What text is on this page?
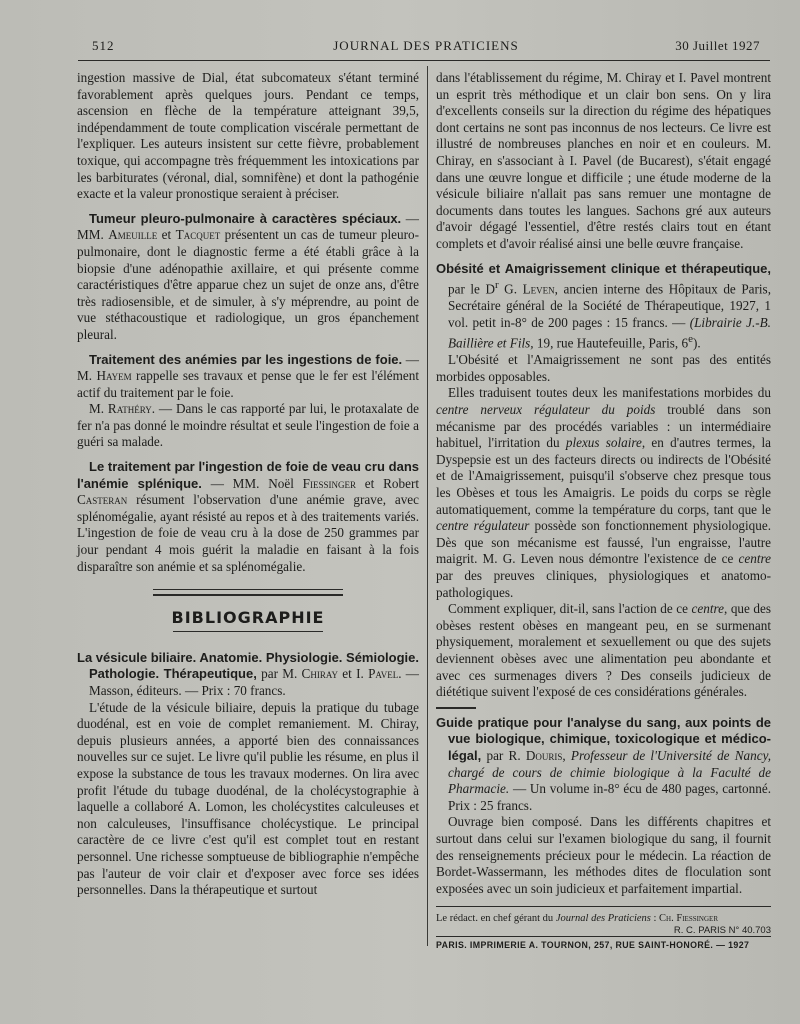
512	JOURNAL DES PRATICIENS	30 Juillet 1927

ingestion massive de Dial, état subcomateux s'étant terminé favorablement après quelques jours. Pendant ce temps, ascension en flèche de la température atteignant 39,5, indépendamment de toute complication viscérale permettant de l'expliquer. Les auteurs insistent sur cette fièvre, probablement toxique, qui accompagne très fréquemment les intoxications par les barbiturates (véronal, dial, somnifène) et dont la pathogénie exacte et la valeur pronostique seraient à préciser.

Tumeur pleuro-pulmonaire à caractères spéciaux. — MM. Ameuille et Tacquet présentent un cas de tumeur pleuro-pulmonaire, dont le diagnostic ferme a été établi grâce à la biopsie d'une adénopathie axillaire, et qui présente comme caractéristiques d'être apparue chez un sujet de onze ans, d'être très radiosensible, et de simuler, à s'y méprendre, au point de vue stéthacoustique et radiologique, un gros épanchement pleural.

Traitement des anémies par les ingestions de foie. — M. Hayem rappelle ses travaux et pense que le fer est l'élément actif du traitement par le foie.

M. Rathéry. — Dans le cas rapporté par lui, le protaxalate de fer n'a pas donné le moindre résultat et seule l'ingestion de foie a guéri sa malade.

Le traitement par l'ingestion de foie de veau cru dans l'anémie splénique. — MM. Noël Fiessinger et Robert Casteran résument l'observation d'une anémie grave, avec splénomégalie, ayant résisté au repos et à des traitements variés. L'ingestion de foie de veau cru à la dose de 250 grammes par jour pendant 4 mois guérit la maladie en faisant à la fois disparaître son anémie et sa splénomégalie.

BIBLIOGRAPHIE

La vésicule biliaire. Anatomie. Physiologie. Sémiologie. Pathologie. Thérapeutique, par M. Chiray et I. Pavel. — Masson, éditeurs. — Prix : 70 francs.

L'étude de la vésicule biliaire, depuis la pratique du tubage duodénal, est en voie de complet remaniement. M. Chiray, depuis plusieurs années, a apporté bien des connaissances nouvelles sur ce sujet. Le livre qu'il publie les résume, en plus il expose la substance de tous les travaux modernes. On lira avec profit l'étude du tubage duodénal, de la cholécystographie à laquelle a collaboré A. Lomon, les cholécystites calculeuses et non calculeuses, l'insuffisance cholécystique. Le principal caractère de ce livre c'est qu'il est complet tout en restant personnel. Une richesse somptueuse de bibliographie n'empêche pas l'auteur de voir clair et d'exposer avec force ses idées personnelles. Dans la thérapeutique et surtout

dans l'établissement du régime, M. Chiray et I. Pavel montrent un esprit très méthodique et un clair bon sens. On y lira d'excellents conseils sur la direction du régime des hépatiques dont certains ne sont pas inconnus de nos lecteurs. Ce livre est illustré de nombreuses planches en noir et en couleurs. M. Chiray, en s'associant à I. Pavel (de Bucarest), s'était engagé dans une œuvre longue et difficile ; une étude moderne de la vésicule biliaire n'allait pas sans remuer une montagne de documents dans toutes les langues. Sachons gré aux auteurs d'avoir dégagé l'essentiel, d'être restés clairs tout en étant complets et d'avoir réalisé ainsi une belle œuvre française.

Obésité et Amaigrissement clinique et thérapeutique, par le $D^r$ G. Leven, ancien interne des Hôpitaux de Paris, Secrétaire général de la Société de Thérapeutique, 1927, 1 vol. petit in-8° de 200 pages : 15 francs. — (Librairie J.-B. Baillière et Fils, 19, rue Hautefeuille, Paris, 6e).

L'Obésité et l'Amaigrissement ne sont pas des entités morbides opposables.

Elles traduisent toutes deux les manifestations morbides du centre nerveux régulateur du poids troublé dans son mécanisme par des procédés variables : un intermédiaire habituel, l'irritation du plexus solaire, en d'autres termes, la Dyspepsie est un des facteurs directs ou indirects de l'Obésité et de l'Amaigrissement, puisqu'il s'observe chez presque tous les Obèses et tous les Amaigris. Le poids du corps se règle automatiquement, comme la température du corps, tant que le centre régulateur possède son fonctionnement physiologique. Dès que son mécanisme est faussé, l'un engraisse, l'autre maigrit. M. G. Leven nous démontre l'existence de ce centre par des preuves cliniques, physiologiques et anatomo-pathologiques.

Comment expliquer, dit-il, sans l'action de ce centre, que des obèses restent obèses en mangeant peu, en se surmenant physiquement, moralement et sexuellement ou que des sujets deviennent obèses avec une alimentation peu abondante et avec ces surmenages divers ? Des conseils judicieux de diététique suivent l'exposé de ces considérations générales.

Guide pratique pour l'analyse du sang, aux points de vue biologique, chimique, toxicologique et médico-légal, par R. Douris, Professeur de l'Université de Nancy, chargé de cours de chimie biologique à la Faculté de Pharmacie. — Un volume in-8° écu de 480 pages, cartonné. Prix : 25 francs.

Ouvrage bien composé. Dans les différents chapitres et surtout dans celui sur l'examen biologique du sang, il fournit des renseignements précieux pour le médecin. La réaction de Bordet-Wassermann, les méthodes dites de floculation sont exposées avec un soin judicieux et parfaitement impartial.

Le rédact. en chef gérant du Journal des Praticiens : Ch. Fiessinger
R. C. PARIS N° 40.703
PARIS. IMPRIMERIE A. TOURNON, 257, RUE SAINT-HONORÉ. — 1927
